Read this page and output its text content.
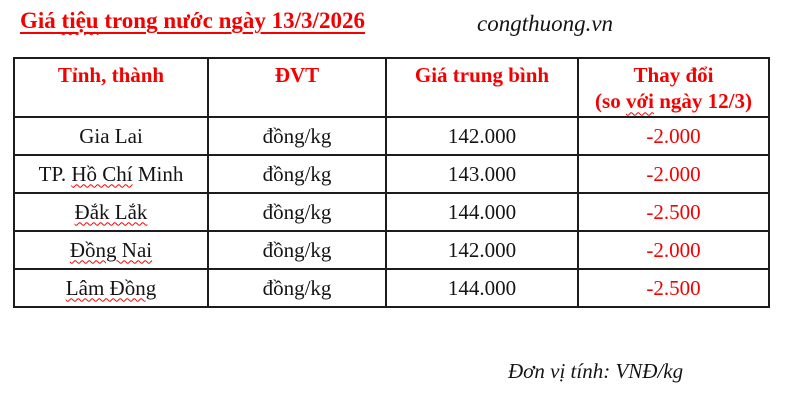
Giá tiệu trong nước ngày 13/3/2026	congthuong.vn
Tỉnh, thành	ĐVT	Giá trung bình	Thay đổi
(so với ngày 12/3)

Gia Lai	đồng/kg	142.000	-2.000
TP. Hồ Chí Minh	đồng/kg	143.000	-2.000
Đắk Lắk	đồng/kg	144.000	-2.500
Đồng Nai	đồng/kg	142.000	-2.000
Lâm Đồng	đồng/kg	144.000	-2.500
Đơn vị tính: VNĐ/kg
